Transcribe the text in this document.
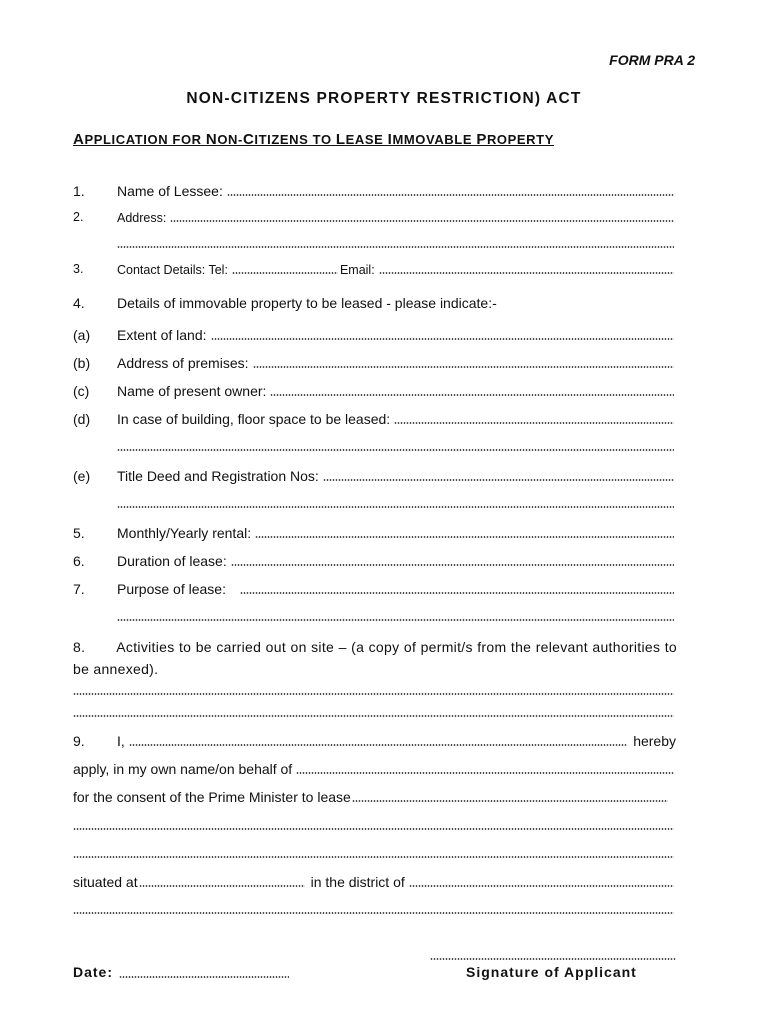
FORM PRA 2
NON-CITIZENS PROPERTY RESTRICTION) ACT
APPLICATION FOR NON-CITIZENS TO LEASE IMMOVABLE PROPERTY
1. Name of Lessee:
2.	Address:
3.	Contact Details: Tel:	Email:
4. Details of immovable property to be leased - please indicate:-
(a) Extent of land:
(b) Address of premises:
(c) Name of present owner:
(d) In case of building, floor space to be leased:
(e) Title Deed and Registration Nos:
5. Monthly/Yearly rental:
6. Duration of lease:
7. Purpose of lease:
8. Activities to be carried out on site – (a copy of permit/s from the relevant authorities to be annexed).
9. I,	hereby
apply, in my own name/on behalf of
for the consent of the Prime Minister to lease
situated at	in the district of
Date:	Signature of Applicant
